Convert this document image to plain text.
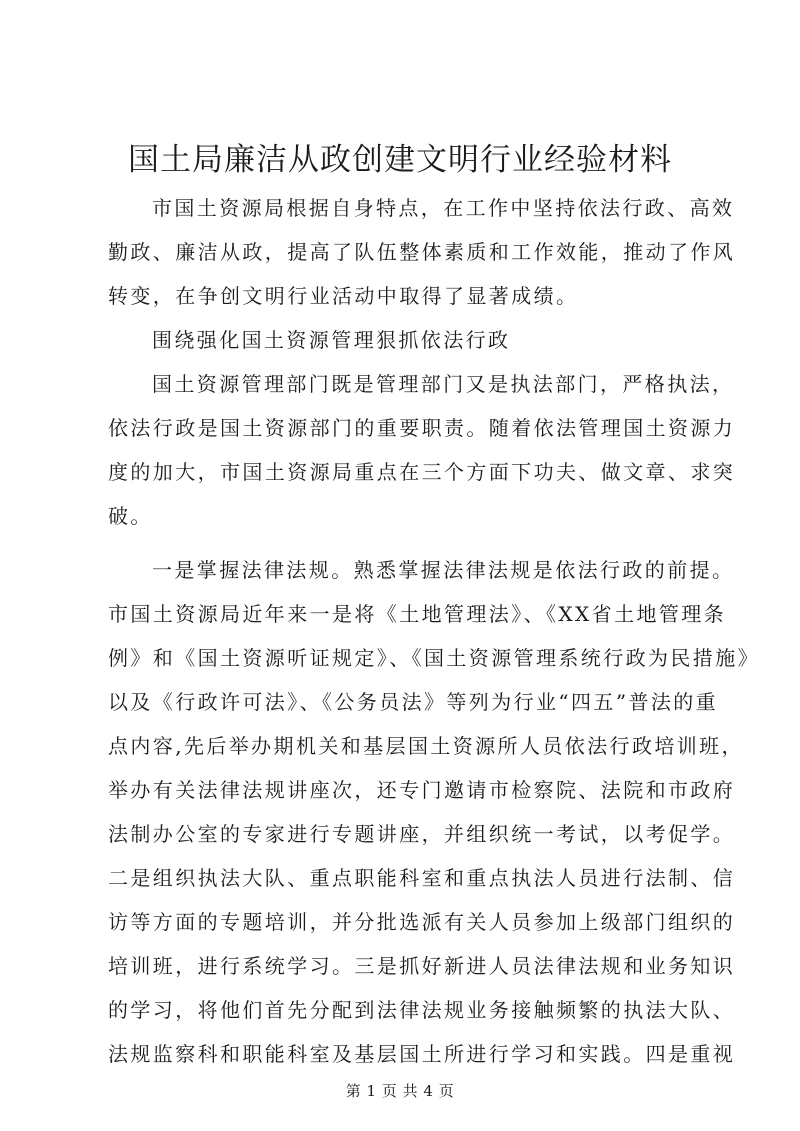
国土局廉洁从政创建文明行业经验材料
市国土资源局根据自身特点，在工作中坚持依法行政、高效
勤政、廉洁从政，提高了队伍整体素质和工作效能，推动了作风
转变，在争创文明行业活动中取得了显著成绩。
围绕强化国土资源管理狠抓依法行政
国土资源管理部门既是管理部门又是执法部门，严格执法，
依法行政是国土资源部门的重要职责。随着依法管理国土资源力
度的加大，市国土资源局重点在三个方面下功夫、做文章、求突
破。
一是掌握法律法规。熟悉掌握法律法规是依法行政的前提。
市国土资源局近年来一是将《土地管理法》、《XX省土地管理条
例》和《国土资源听证规定》、《国土资源管理系统行政为民措施》
以及《行政许可法》、《公务员法》等列为行业“四五”普法的重
点内容,先后举办期机关和基层国土资源所人员依法行政培训班，
举办有关法律法规讲座次，还专门邀请市检察院、法院和市政府
法制办公室的专家进行专题讲座，并组织统一考试，以考促学。
二是组织执法大队、重点职能科室和重点执法人员进行法制、信
访等方面的专题培训，并分批选派有关人员参加上级部门组织的
培训班，进行系统学习。三是抓好新进人员法律法规和业务知识
的学习，将他们首先分配到法律法规业务接触频繁的执法大队、
法规监察科和职能科室及基层国土所进行学习和实践。四是重视
第 1 页 共 4 页
